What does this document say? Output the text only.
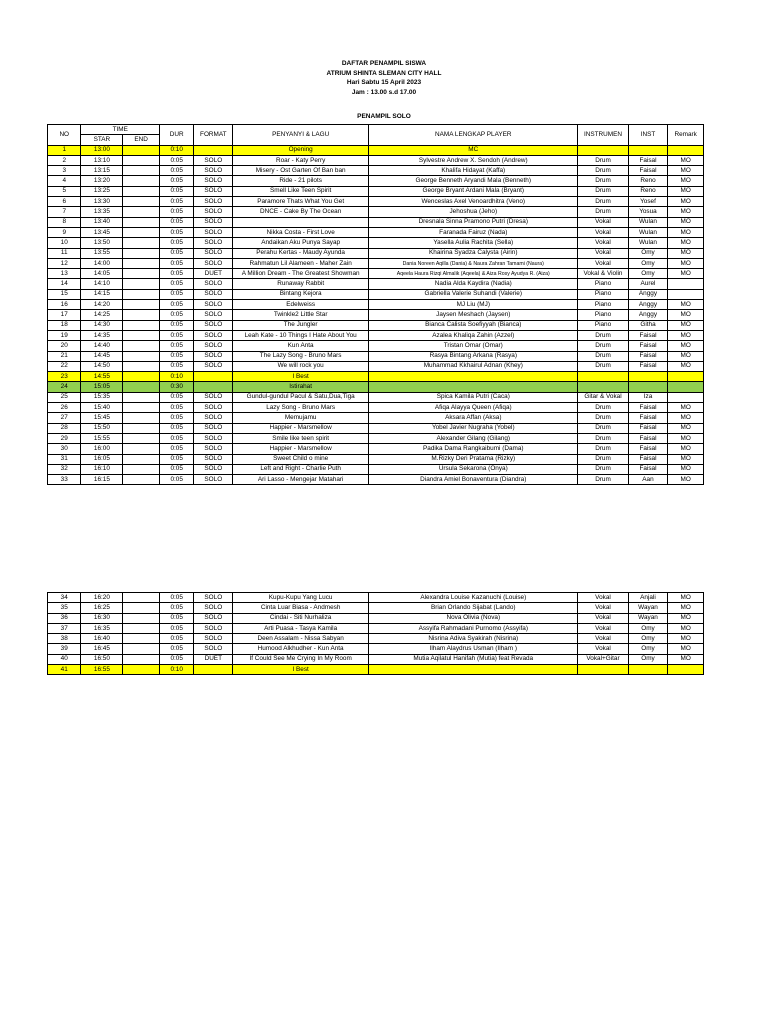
DAFTAR PENAMPIL SISWA
ATRIUM SHINTA SLEMAN CITY HALL
Hari Sabtu 15 April 2023
Jam : 13.00 s.d 17.00
PENAMPIL SOLO
NO	TIME		DUR	FORMAT	PENYANYI & LAGU	NAMA LENGKAP PLAYER	INSTRUMEN	INST	Remark
	STAR	END							
1	13:00		0:10		Opening	MC			
2	13:10		0:05	SOLO	Roar - Katy Perry	Sylvestre Andrew X. Sendoh (Andrew)	Drum	Faisal	MO
3	13:15		0:05	SOLO	Misery - Ost Garten Of Ban ban	Khalifa Hidayat (Kaffa)	Drum	Faisal	MO
4	13:20		0:05	SOLO	Ride - 21 pilots	George Benneth Aryandi Mala (Benneth)	Drum	Reno	MO
5	13:25		0:05	SOLO	Smell Like Teen Spirit	George Bryant Ardani Mala (Bryant)	Drum	Reno	MO
6	13:30		0:05	SOLO	Paramore Thats What You Get	Wenceslas Axel Venoardhitra (Veno)	Drum	Yosef	MO
7	13:35		0:05	SOLO	DNCE - Cake By The Ocean	Jehoshua (Jeho)	Drum	Yosua	MO
8	13:40		0:05	SOLO		Dresnala Sinna Pramono Putri (Dresa)	Vokal	Wulan	MO
9	13:45		0:05	SOLO	Nikka Costa - First Love	Faranada Fairuz (Nada)	Vokal	Wulan	MO
10	13:50		0:05	SOLO	Andaikan Aku Punya Sayap	Yasella Aulia Rachita (Sella)	Vokal	Wulan	MO
11	13:55		0:05	SOLO	Perahu Kertas - Maudy Ayunda	Khairina Syadza Calysta (Airin)	Vokal	Omy	MO
12	14:00		0:05	SOLO	Rahmatun Lil Alameen - Maher Zain	Dania Noreen Aqilla (Dania) & Naura Zahran Tamami (Naura)	Vokal	Omy	MO
13	14:05		0:05	DUET	A Million Dream - The Greatest Showman	Aqeela Haura Rizqi Almalik (Aqeela) & Aiza Rosy Ayudya R. (Aiza)	Vokal & Violin	Omy	MO
14	14:10		0:05	SOLO	Runaway Rabbit	Nadia Alda Kaydira (Nadia)	Piano	Aurel	
15	14:15		0:05	SOLO	Bintang Kejora	Gabriella Valerie Suhandi (Valerie)	Piano	Anggy	
16	14:20		0:05	SOLO	Edelweiss	MJ Liu (MJ)	Piano	Anggy	MO
17	14:25		0:05	SOLO	Twinkle2 Little Star	Jaysen Meshach (Jaysen)	Piano	Anggy	MO
18	14:30		0:05	SOLO	The Jungler	Bianca Calista Soefiyyah (Bianca)	Piano	Githa	MO
19	14:35		0:05	SOLO	Leah Kate - 10 Things I Hate About You	Azalea Khaliqa Zahin (Azzel)	Drum	Faisal	MO
20	14:40		0:05	SOLO	Kun Anta	Tristan Omar (Omar)	Drum	Faisal	MO
21	14:45		0:05	SOLO	The Lazy Song - Bruno Mars	Rasya Bintang Arkana (Rasya)	Drum	Faisal	MO
22	14:50		0:05	SOLO	We will rock you	Muhammad Kkhairul Adnan (Khey)	Drum	Faisal	MO
23	14:55		0:10		I Best				
24	15:05		0:30		Istirahat				
25	15:35		0:05	SOLO	Gundul-gundul Pacul & Satu,Dua,Tiga	Spica Kamila Putri (Caca)	Gitar & Vokal	Iza	
26	15:40		0:05	SOLO	Lazy Song - Bruno Mars	Afiqa Alayya Queen (Afiqa)	Drum	Faisal	MO
27	15:45		0:05	SOLO	Memujamu	Aksara Affan (Aksa)	Drum	Faisal	MO
28	15:50		0:05	SOLO	Happier - Marsmellow	Yobel Javier Nugraha (Yobel)	Drum	Faisal	MO
29	15:55		0:05	SOLO	Smile like teen spirit	Alexander Gilang (Gilang)	Drum	Faisal	MO
30	16:00		0:05	SOLO	Happier - Marsmellow	Padika Dama Rangkaibumi (Dama)	Drum	Faisal	MO
31	16:05		0:05	SOLO	Sweet Child o mine	M.Rizky Deri Pratama (Rizky)	Drum	Faisal	MO
32	16:10		0:05	SOLO	Left and Right - Charlie Puth	Ursula Sekarona (Onya)	Drum	Faisal	MO
33	16:15		0:05	SOLO	Ari Lasso - Mengejar Matahari	Diandra Amiel Bonaventura (Diandra)	Drum	Aan	MO
34	16:20		0:05	SOLO	Kupu-Kupu Yang Lucu	Alexandra Louise Kazanuchi (Louise)	Vokal	Anjali	MO
35	16:25		0:05	SOLO	Cinta Luar Biasa - Andmesh	Brian Orlando Sijabat (Lando)	Vokal	Wayan	MO
36	16:30		0:05	SOLO	Cindai - Siti Nurhaliza	Nova Olivia (Nova)	Vokal	Wayan	MO
37	16:35		0:05	SOLO	Arti Puasa - Tasya Kamila	Assyifa Rahmadani Purnomo (Assyifa)	Vokal	Omy	MO
38	16:40		0:05	SOLO	Deen Assalam - Nissa Sabyan	Nisrina Adiva Syakirah (Nisrina)	Vokal	Omy	MO
39	16:45		0:05	SOLO	Humood Alkhudher - Kun Anta	Ilham Alaydrus Usman (Ilham )	Vokal	Omy	MO
40	16:50		0:05	DUET	If Could See Me Crying In My Room	Mutia Aqilatul Hanifah (Mutia) feat Revada	Vokal+Gitar	Omy	MO
41	16:55		0:10		I Best				
